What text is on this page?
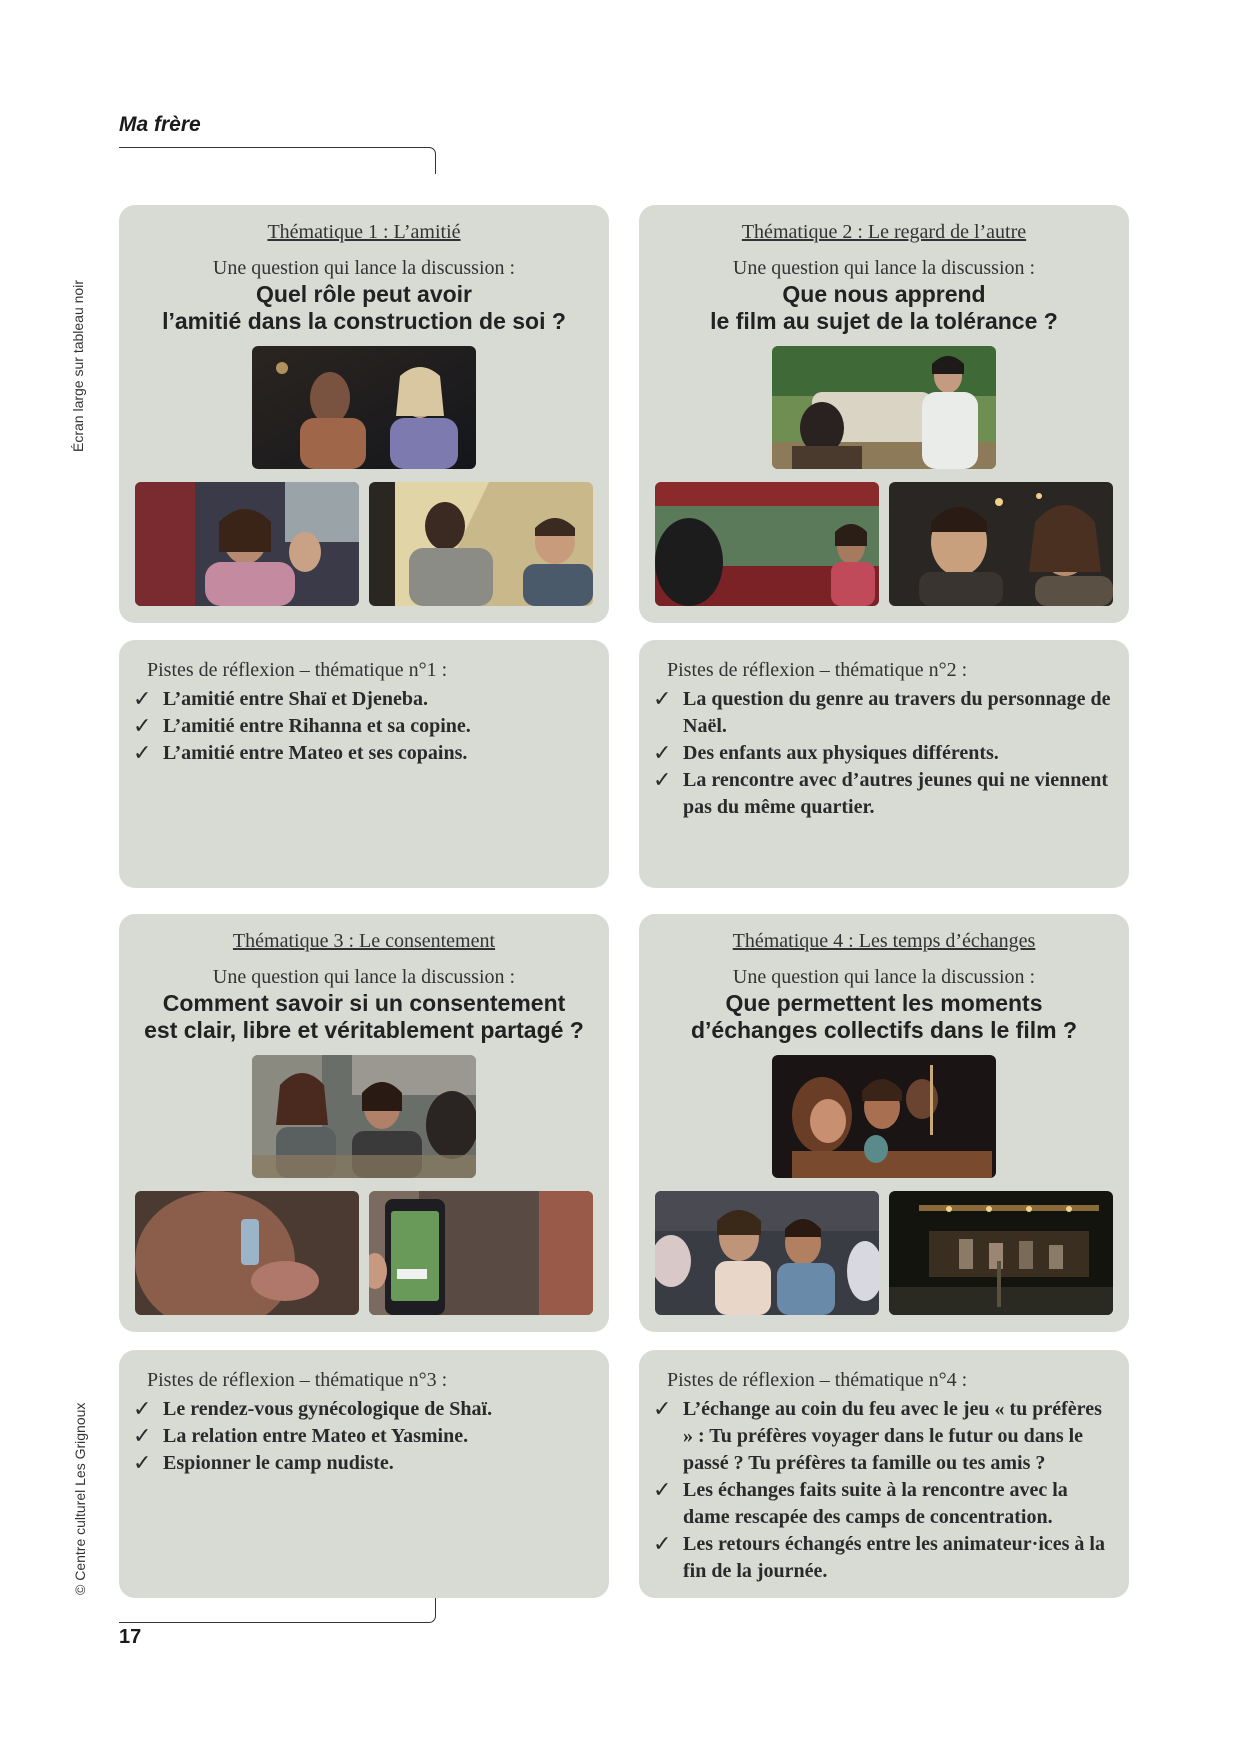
Ma frère
Écran large sur tableau noir
© Centre culturel Les Grignoux
17
Thématique 1 : L’amitié
Une question qui lance la discussion :
Quel rôle peut avoir
l’amitié dans la construction de soi ?
Thématique 2 : Le regard de l’autre
Une question qui lance la discussion :
Que nous apprend
le film au sujet de la tolérance ?
Pistes de réflexion – thématique n°1 :
✓ L’amitié entre Shaï et Djeneba.
✓ L’amitié entre Rihanna et sa copine.
✓ L’amitié entre Mateo et ses copains.
Pistes de réflexion – thématique n°2 :
✓ La question du genre au travers du personnage de Naël.
✓ Des enfants aux physiques différents.
✓ La rencontre avec d’autres jeunes qui ne viennent pas du même quartier.
Thématique 3 : Le consentement
Une question qui lance la discussion :
Comment savoir si un consentement
est clair, libre et véritablement partagé ?
Thématique 4 : Les temps d’échanges
Une question qui lance la discussion :
Que permettent les moments
d’échanges collectifs dans le film ?
Pistes de réflexion – thématique n°3 :
✓ Le rendez-vous gynécologique de Shaï.
✓ La relation entre Mateo et Yasmine.
✓ Espionner le camp nudiste.
Pistes de réflexion – thématique n°4 :
✓ L’échange au coin du feu avec le jeu « tu préfères » : Tu préfères voyager dans le futur ou dans le passé ? Tu préfères ta famille ou tes amis ?
✓ Les échanges faits suite à la rencontre avec la dame rescapée des camps de concentration.
✓ Les retours échangés entre les animateur·ices à la fin de la journée.
